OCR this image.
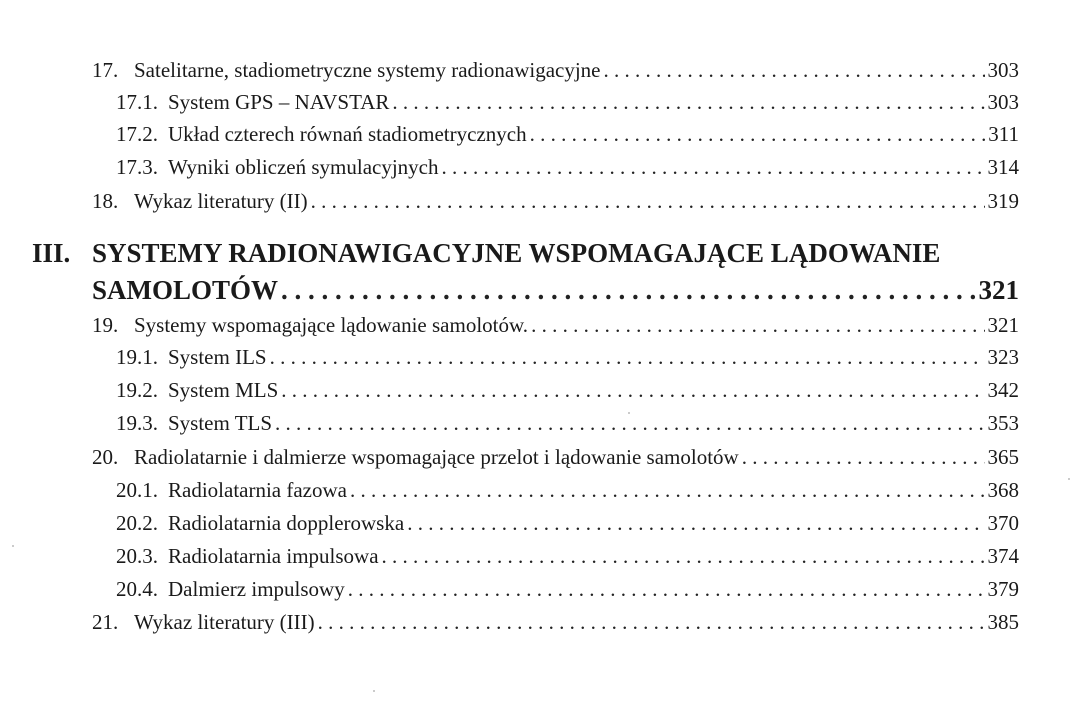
17. Satelitarne, stadiometryczne systemy radionawigacyjne . . .	303
17.1. System GPS – NAVSTAR . . .	303
17.2. Układ czterech równań stadiometrycznych . . .	311
17.3. Wyniki obliczeń symulacyjnych . . .	314
18. Wykaz literatury (II) . . .	319
III. SYSTEMY RADIONAWIGACYJNE WSPOMAGAJĄCE LĄDOWANIE
SAMOLOTÓW . . .	321
19. Systemy wspomagające lądowanie samolotów. . . .	321
19.1. System ILS . . .	323
19.2. System MLS . . .	342
19.3. System TLS . . .	353
20. Radiolatarnie i dalmierze wspomagające przelot i lądowanie samolotów . . .	365
20.1. Radiolatarnia fazowa . . .	368
20.2. Radiolatarnia dopplerowska . . .	370
20.3. Radiolatarnia impulsowa . . .	374
20.4. Dalmierz impulsowy . . .	379
21. Wykaz literatury (III) . . .	385
